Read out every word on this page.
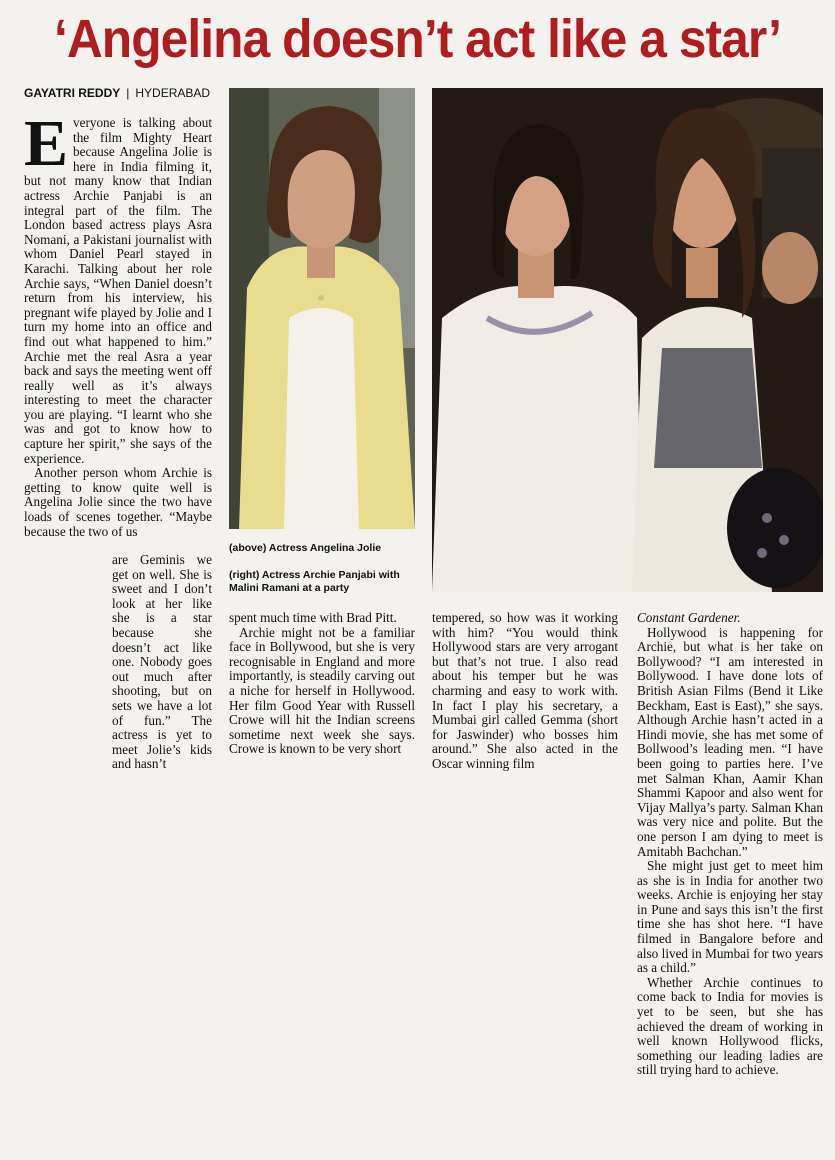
‘Angelina doesn’t act like a star’
GAYATRI REDDY | HYDERABAD

Everyone is talking about the film Mighty Heart because Angelina Jolie is here in India filming it, but not many know that Indian actress Archie Panjabi is an integral part of the film. The London based actress plays Asra Nomani, a Pakistani journalist with whom Daniel Pearl stayed in Karachi. Talking about her role Archie says, “When Daniel doesn’t return from his interview, his pregnant wife played by Jolie and I turn my home into an office and find out what happened to him.” Archie met the real Asra a year back and says the meeting went off really well as it’s always interesting to meet the character you are playing. “I learnt who she was and got to know how to capture her spirit,” she says of the experience.

Another person whom Archie is getting to know quite well is Angelina Jolie since the two have loads of scenes together. “Maybe because the two of us

are Geminis we get on well. She is sweet and I don’t look at her like she is a star because she doesn’t act like one. Nobody goes out much after shooting, but on sets we have a lot of fun.” The actress is yet to meet Jolie’s kids and hasn’t

(above) Actress Angelina Jolie
(right) Actress Archie Panjabi with Malini Ramani at a party

spent much time with Brad Pitt.

Archie might not be a familiar face in Bollywood, but she is very recognisable in England and more importantly, is steadily carving out a niche for herself in Hollywood. Her film Good Year with Russell Crowe will hit the Indian screens sometime next week she says. Crowe is known to be very short

tempered, so how was it working with him? “You would think Hollywood stars are very arrogant but that’s not true. I also read about his temper but he was charming and easy to work with. In fact I play his secretary, a Mumbai girl called Gemma (short for Jaswinder) who bosses him around.” She also acted in the Oscar winning film

Constant Gardener.

Hollywood is happening for Archie, but what is her take on Bollywood? “I am interested in Bollywood. I have done lots of British Asian Films (Bend it Like Beckham, East is East),” she says. Although Archie hasn’t acted in a Hindi movie, she has met some of Bollwood’s leading men. “I have been going to parties here. I’ve met Salman Khan, Aamir Khan Shammi Kapoor and also went for Vijay Mallya’s party. Salman Khan was very nice and polite. But the one person I am dying to meet is Amitabh Bachchan.”

She might just get to meet him as she is in India for another two weeks. Archie is enjoying her stay in Pune and says this isn’t the first time she has shot here. “I have filmed in Bangalore before and also lived in Mumbai for two years as a child.”

Whether Archie continues to come back to India for movies is yet to be seen, but she has achieved the dream of working in well known Hollywood flicks, something our leading ladies are still trying hard to achieve.
